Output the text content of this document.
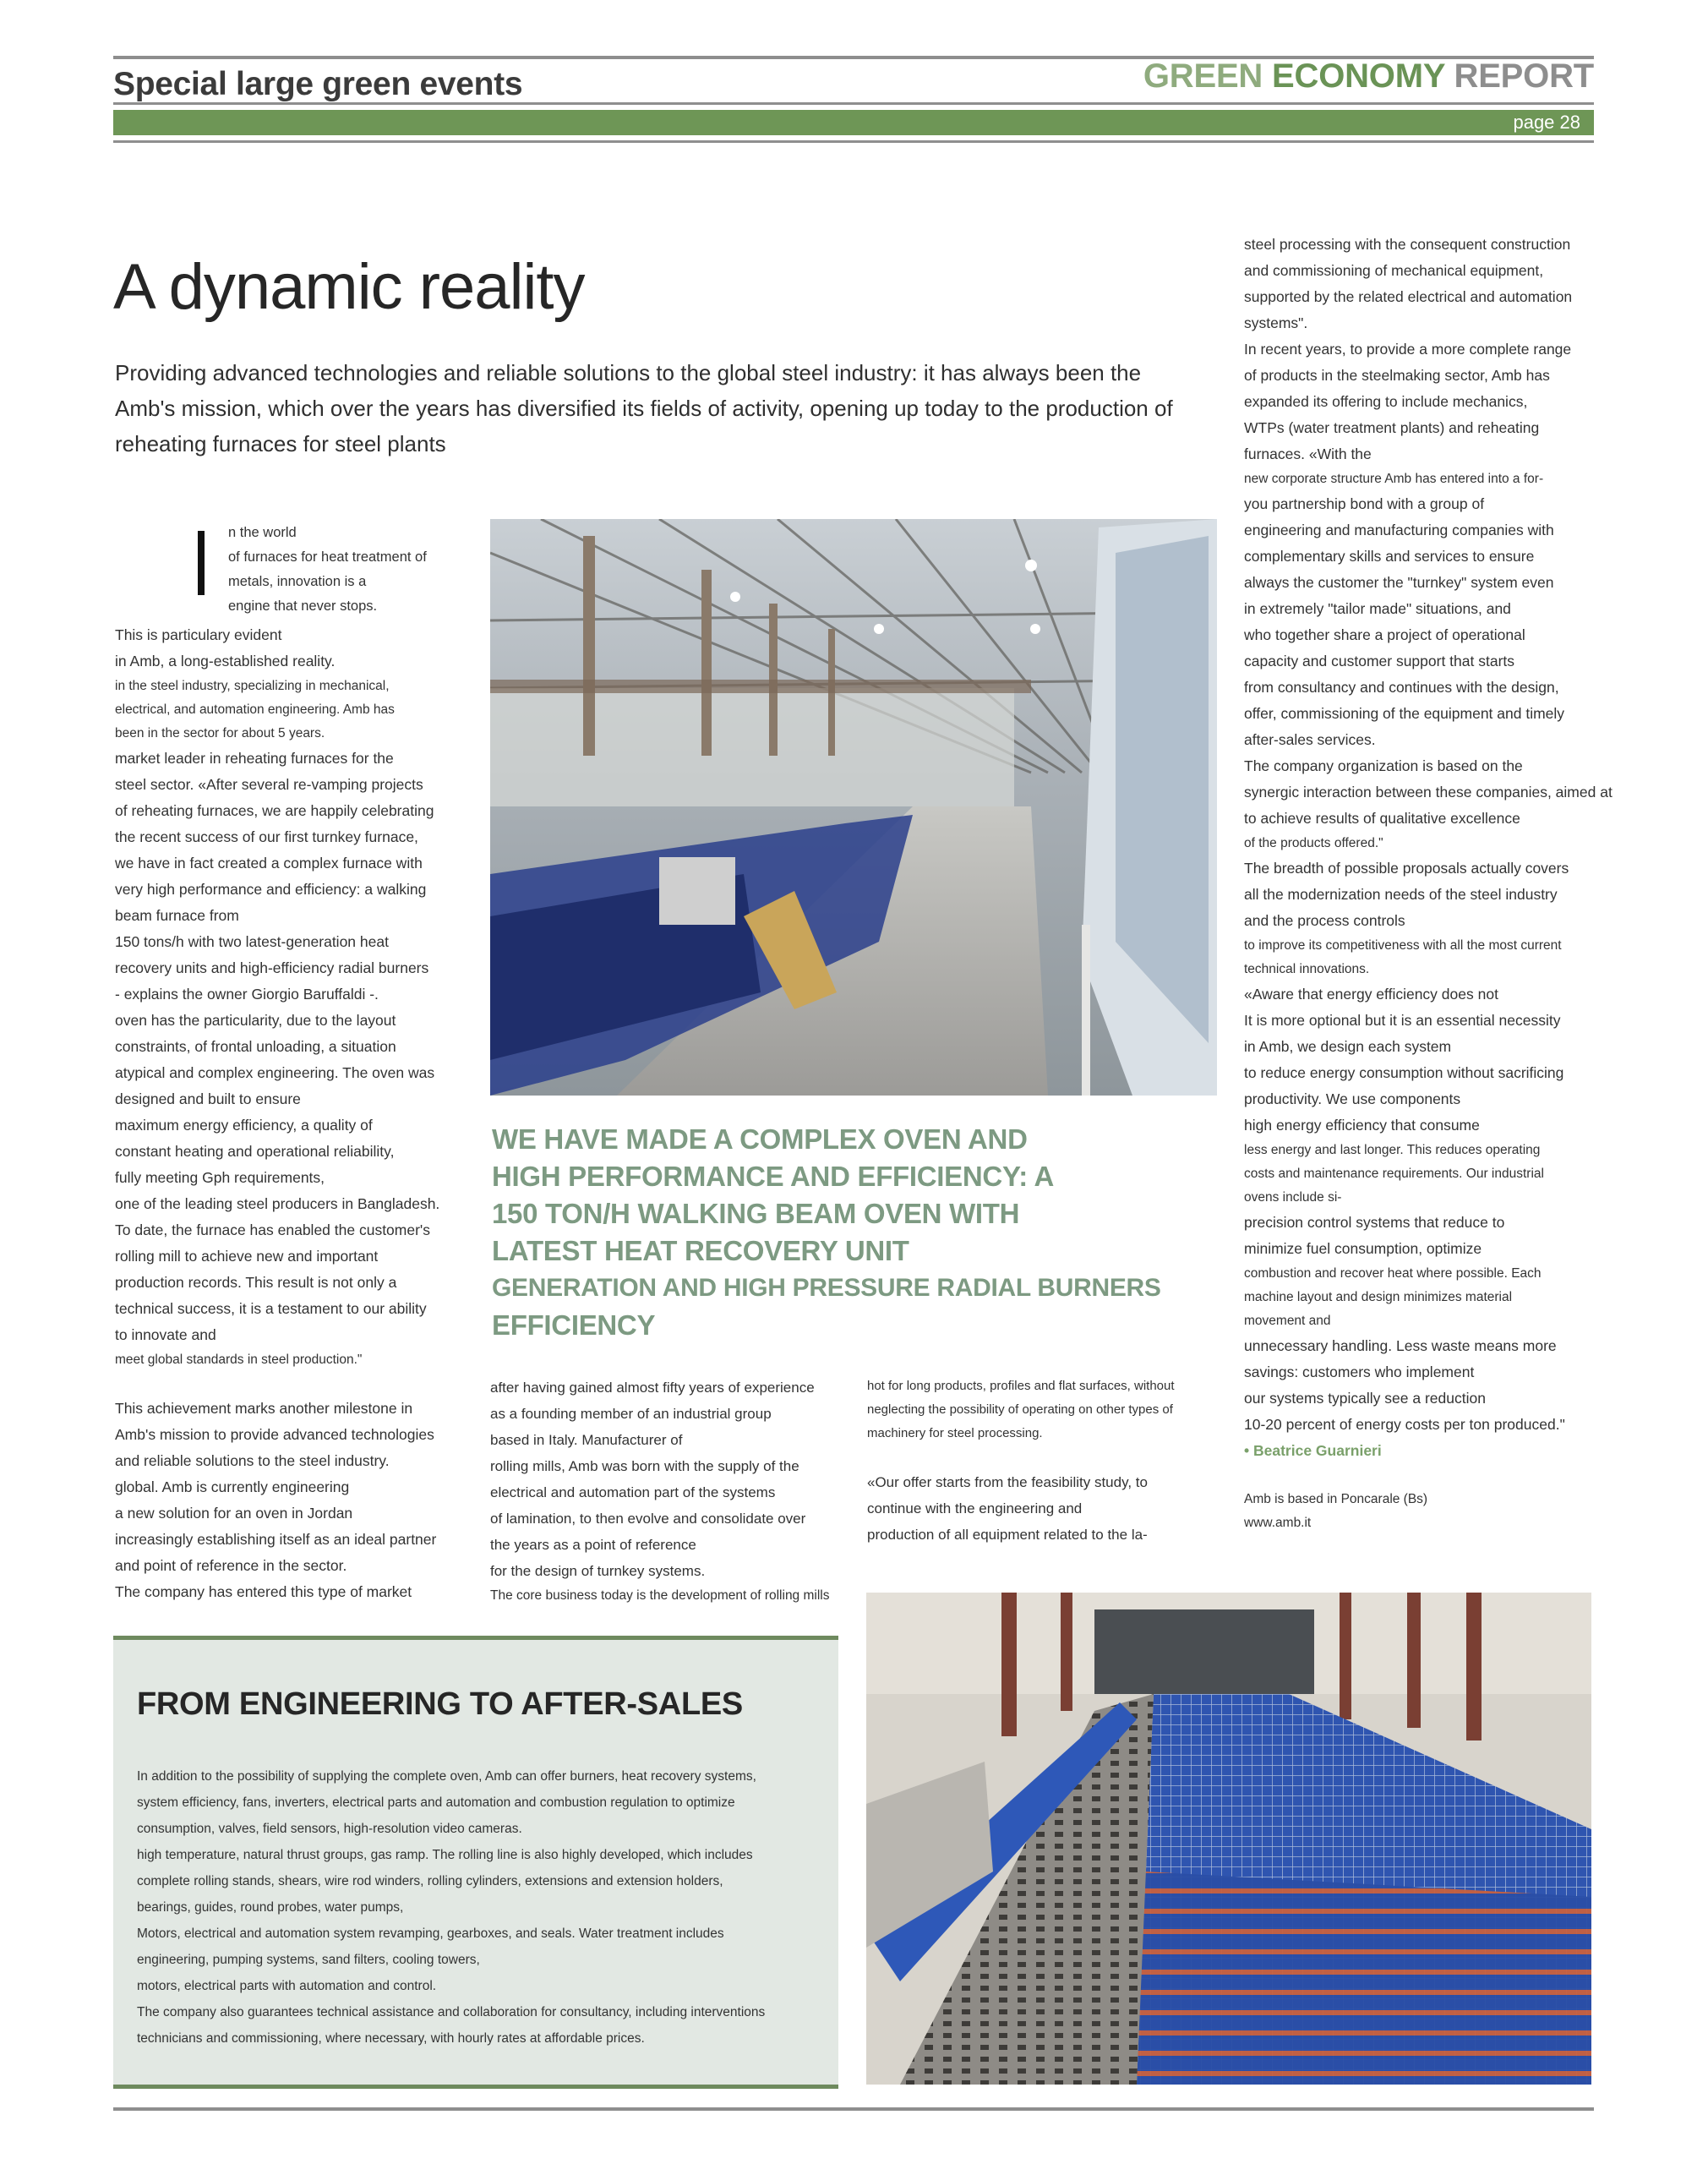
Special large green events	GREEN ECONOMY REPORT
page 28
A dynamic reality
Providing advanced technologies and reliable solutions to the global steel industry: it has always been the
Amb's mission, which over the years has diversified its fields of activity, opening up today to the production of
reheating furnaces for steel plants
n the world
of furnaces for heat treatment of
metals, innovation is a
engine that never stops.
This is particulary evident
in Amb, a long-established reality.
in the steel industry, specializing in mechanical,
electrical, and automation engineering. Amb has
been in the sector for about 5 years.
market leader in reheating furnaces for the
steel sector. «After several re-vamping projects
of reheating furnaces, we are happily celebrating
the recent success of our first turnkey furnace,
we have in fact created a complex furnace with
very high performance and efficiency: a walking
beam furnace from
150 tons/h with two latest-generation heat
recovery units and high-efficiency radial burners
- explains the owner Giorgio Baruffaldi -.
oven has the particularity, due to the layout
constraints, of frontal unloading, a situation
atypical and complex engineering. The oven was
designed and built to ensure
maximum energy efficiency, a quality of
constant heating and operational reliability,
fully meeting Gph requirements,
one of the leading steel producers in Bangladesh.
To date, the furnace has enabled the customer's
rolling mill to achieve new and important
production records. This result is not only a
technical success, it is a testament to our ability
to innovate and
meet global standards in steel production."
This achievement marks another milestone in
Amb's mission to provide advanced technologies
and reliable solutions to the steel industry.
global. Amb is currently engineering
a new solution for an oven in Jordan
increasingly establishing itself as an ideal partner
and point of reference in the sector.
The company has entered this type of market
WE HAVE MADE A COMPLEX OVEN AND
HIGH PERFORMANCE AND EFFICIENCY: A
150 TON/H WALKING BEAM OVEN WITH
LATEST HEAT RECOVERY UNIT
GENERATION AND HIGH PRESSURE RADIAL BURNERS
EFFICIENCY
after having gained almost fifty years of experience
as a founding member of an industrial group
based in Italy. Manufacturer of
rolling mills, Amb was born with the supply of the
electrical and automation part of the systems
of lamination, to then evolve and consolidate over
the years as a point of reference
for the design of turnkey systems.
The core business today is the development of rolling mills
hot for long products, profiles and flat surfaces, without
neglecting the possibility of operating on other types of
machinery for steel processing.
«Our offer starts from the feasibility study, to
continue with the engineering and
production of all equipment related to the la-
steel processing with the consequent construction
and commissioning of mechanical equipment,
supported by the related electrical and automation
systems".
In recent years, to provide a more complete range
of products in the steelmaking sector, Amb has
expanded its offering to include mechanics,
WTPs (water treatment plants) and reheating
furnaces. «With the
new corporate structure Amb has entered into a for-
you partnership bond with a group of
engineering and manufacturing companies with
complementary skills and services to ensure
always the customer the "turnkey" system even
in extremely "tailor made" situations, and
who together share a project of operational
capacity and customer support that starts
from consultancy and continues with the design,
offer, commissioning of the equipment and timely
after-sales services.
The company organization is based on the
synergic interaction between these companies, aimed at
to achieve results of qualitative excellence
of the products offered."
The breadth of possible proposals actually covers
all the modernization needs of the steel industry
and the process controls
to improve its competitiveness with all the most current
technical innovations.
«Aware that energy efficiency does not
It is more optional but it is an essential necessity
in Amb, we design each system
to reduce energy consumption without sacrificing
productivity. We use components
high energy efficiency that consume
less energy and last longer. This reduces operating
costs and maintenance requirements. Our industrial
ovens include si-
precision control systems that reduce to
minimize fuel consumption, optimize
combustion and recover heat where possible. Each
machine layout and design minimizes material
movement and
unnecessary handling. Less waste means more
savings: customers who implement
our systems typically see a reduction
10-20 percent of energy costs per ton produced."
• Beatrice Guarnieri
Amb is based in Poncarale (Bs)
www.amb.it
FROM ENGINEERING TO AFTER-SALES
In addition to the possibility of supplying the complete oven, Amb can offer burners, heat recovery systems,
system efficiency, fans, inverters, electrical parts and automation and combustion regulation to optimize
consumption, valves, field sensors, high-resolution video cameras.
high temperature, natural thrust groups, gas ramp. The rolling line is also highly developed, which includes
complete rolling stands, shears, wire rod winders, rolling cylinders, extensions and extension holders,
bearings, guides, round probes, water pumps,
Motors, electrical and automation system revamping, gearboxes, and seals. Water treatment includes
engineering, pumping systems, sand filters, cooling towers,
motors, electrical parts with automation and control.
The company also guarantees technical assistance and collaboration for consultancy, including interventions
technicians and commissioning, where necessary, with hourly rates at affordable prices.
